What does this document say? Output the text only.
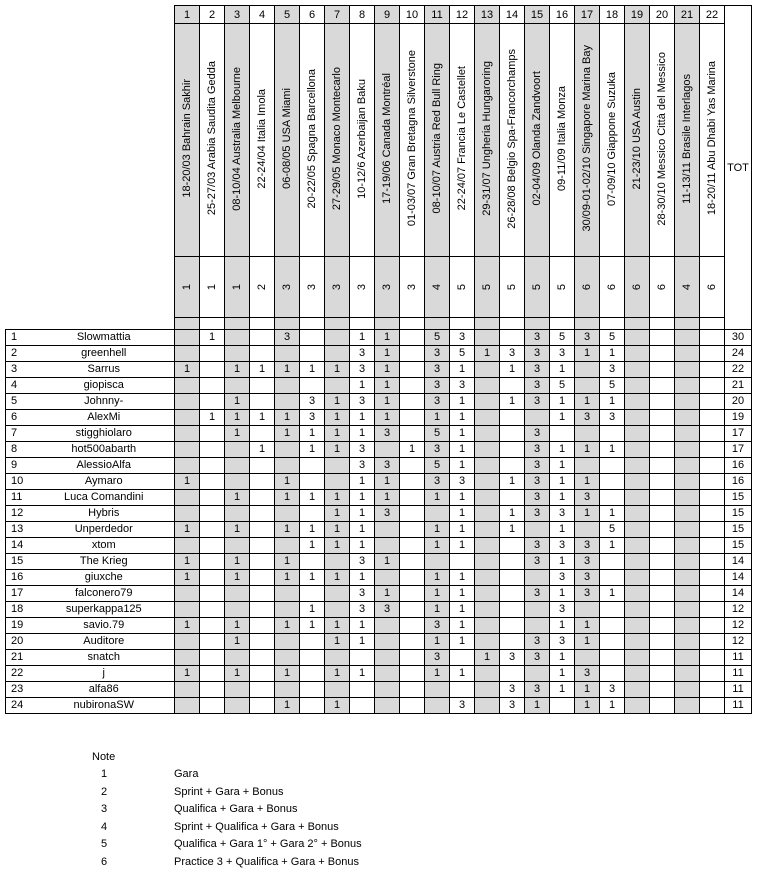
		1	2	3	4	5	6	7	8	9	10	11	12	13	14	15	16	17	18	19	20	21	22	TOT
		18-20/03 Bahrain Sakhir	25-27/03 Arabia Saudita Gedda	08-10/04 Australia Melbourne	22-24/04 Italia Imola	06-08/05 USA Miami	20-22/05 Spagna Barcellona	27-29/05 Monaco Montecarlo	10-12/6 Azerbaijan Baku	17-19/06 Canada Montréal	01-03/07 Gran Bretagna Silverstone	08-10/07 Austria Red Bull Ring	22-24/07 Francia Le Castellet	29-31/07 Ungheria Hungaroring	26-28/08 Belgio Spa-Francorchamps	02-04/09 Olanda Zandvoort	09-11/09 Italia Monza	30/09-01-02/10 Singapore Marina Bay	07-09/10 Giappone Suzuka	21-23/10 USA Austin	28-30/10 Messico Città del Messico	11-13/11 Brasile Interlagos	18-20/11 Abu Dhabi Yas Marina	
		1	1	1	2	3	3	3	3	3	3	4	5	5	5	5	5	6	6	6	6	4	6	

1	Slowmattia		1			3			1	1		5	3			3	5	3	5					30
2	greenhell								3	1		3	5	1	3	3	3	1	1					24
3	Sarrus	1		1	1	1	1	1	3	1		3	1		1	3	1		3					22
4	giopisca								1	1		3	3			3	5		5					21
5	Johnny-			1			3	1	3	1		3	1		1	3	1	1	1					20
6	AlexMi		1	1	1	1	3	1	1	1		1	1				1	3	3					19
7	stigghiolaro			1		1	1	1	1	3		5	1			3								17
8	hot500abarth				1		1	1	3		1	3	1			3	1	1	1					17
9	AlessioAlfa								3	3		5	1			3	1							16
10	Aymaro	1				1			1	1		3	3		1	3	1	1						16
11	Luca Comandini			1		1	1	1	1	1		1	1			3	1	3						15
12	Hybris							1	1	3			1		1	3	3	1	1					15
13	Unperdedor	1		1		1	1	1	1			1	1		1		1		5					15
14	xtom						1	1	1			1	1			3	3	3	1					15
15	The Krieg	1		1		1			3	1						3	1	3						14
16	giuxche	1		1		1	1	1	1			1	1				3	3						14
17	falconero79								3	1		1	1			3	1	3	1					14
18	superkappa125						1		3	3		1	1				3							12
19	savio.79	1		1		1	1	1	1			3	1				1	1						12
20	Auditore			1				1	1			1	1			3	3	1						12
21	snatch											3		1	3	3	1							11
22	j	1		1		1		1	1			1	1				1	3						11
23	alfa86														3	3	1	1	3					11
24	nubironaSW					1		1					3		3	1		1	1					11
Note
1	Gara
2	Sprint + Gara + Bonus
3	Qualifica + Gara + Bonus
4	Sprint + Qualifica + Gara + Bonus
5	Qualifica + Gara 1° + Gara 2° + Bonus
6	Practice 3 + Qualifica + Gara + Bonus
